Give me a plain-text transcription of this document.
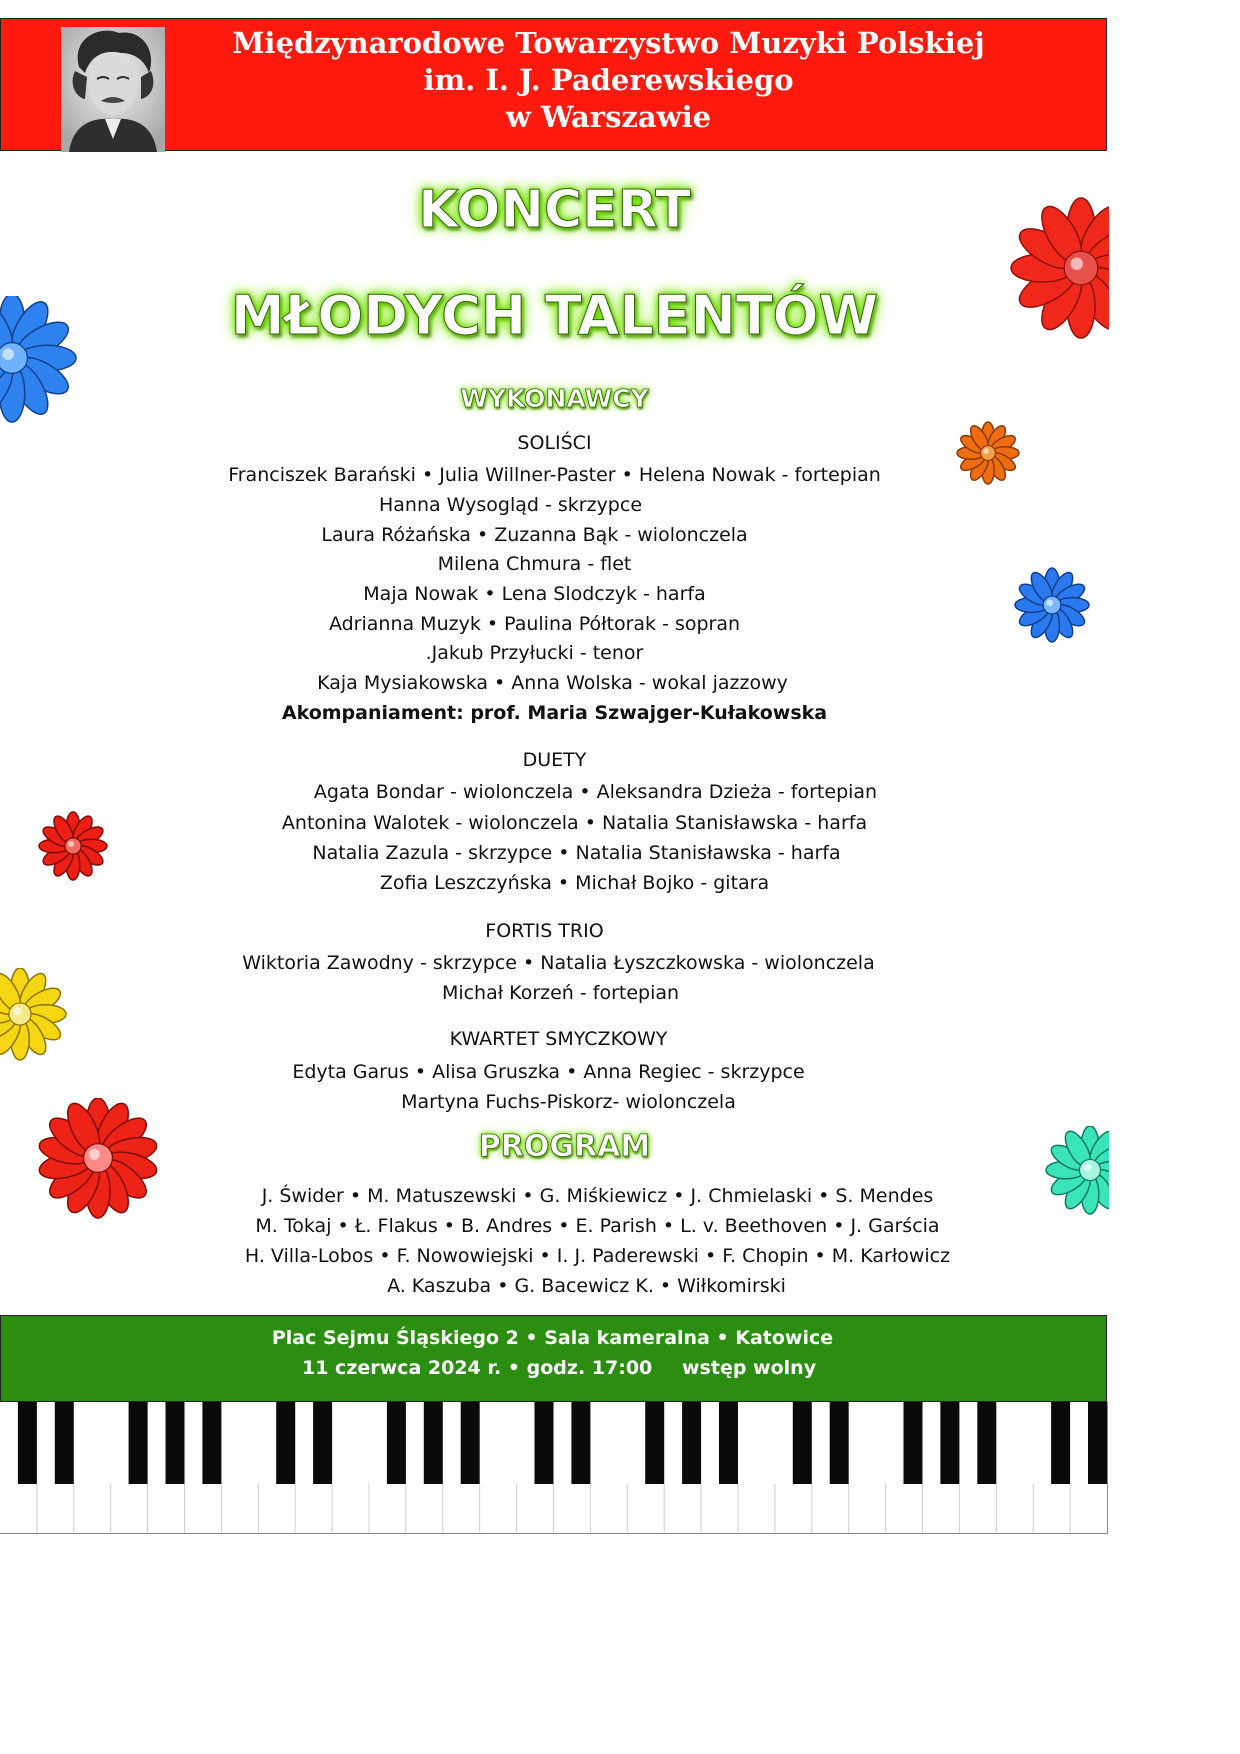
Międzynarodowe Towarzystwo Muzyki Polskiej
im. I. J. Paderewskiego
w Warszawie
KONCERT
MŁODYCH TALENTÓW
WYKONAWCY
SOLIŚCI
Franciszek Barański • Julia Willner-Paster • Helena Nowak - fortepian
Hanna Wysogląd - skrzypce
Laura Różańska • Zuzanna Bąk - wiolonczela
Milena Chmura - flet
Maja Nowak • Lena Slodczyk - harfa
Adrianna Muzyk • Paulina Półtorak - sopran
.Jakub Przyłucki - tenor
Kaja Mysiakowska • Anna Wolska - wokal jazzowy
Akompaniament: prof. Maria Szwajger-Kułakowska
DUETY
Agata Bondar - wiolonczela • Aleksandra Dzieża - fortepian
Antonina Walotek - wiolonczela • Natalia Stanisławska - harfa
Natalia Zazula - skrzypce • Natalia Stanisławska - harfa
Zofia Leszczyńska • Michał Bojko - gitara
FORTIS TRIO
Wiktoria Zawodny - skrzypce • Natalia Łyszczkowska - wiolonczela
Michał Korzeń - fortepian
KWARTET SMYCZKOWY
Edyta Garus • Alisa Gruszka • Anna Regiec - skrzypce
Martyna Fuchs-Piskorz- wiolonczela
PROGRAM
J. Świder • M. Matuszewski • G. Miśkiewicz • J. Chmielaski • S. Mendes
M. Tokaj • Ł. Flakus • B. Andres • E. Parish • L. v. Beethoven • J. Garścia
H. Villa-Lobos • F. Nowowiejski • I. J. Paderewski • F. Chopin • M. Karłowicz
A. Kaszuba • G. Bacewicz K. • Wiłkomirski
Plac Sejmu Śląskiego 2 • Sala kameralna • Katowice
11 czerwca 2024 r. • godz. 17:00 wstęp wolny
